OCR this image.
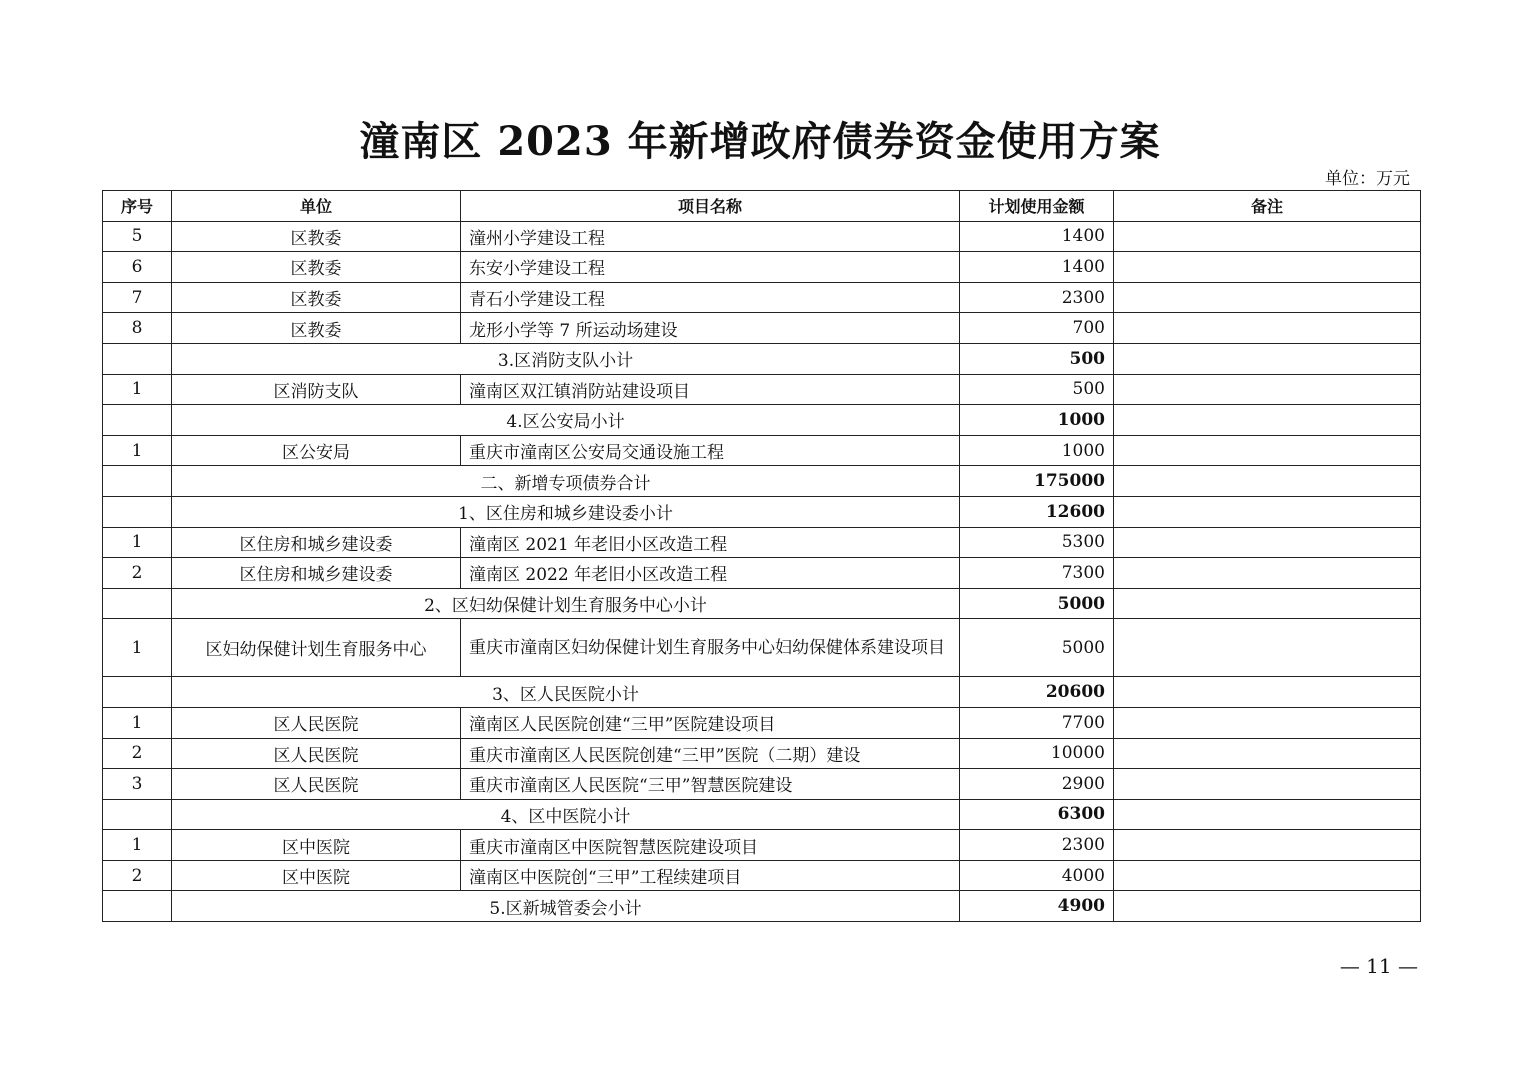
潼南区 2023 年新增政府债券资金使用方案
单位：万元
序号	单位	项目名称	计划使用金额	备注
5	区教委	潼州小学建设工程	1400	
6	区教委	东安小学建设工程	1400	
7	区教委	青石小学建设工程	2300	
8	区教委	龙形小学等 7 所运动场建设	700	
	3.区消防支队小计		500	
1	区消防支队	潼南区双江镇消防站建设项目	500	
	4.区公安局小计		1000	
1	区公安局	重庆市潼南区公安局交通设施工程	1000	
	二、新增专项债券合计		175000	
	1、区住房和城乡建设委小计		12600	
1	区住房和城乡建设委	潼南区 2021 年老旧小区改造工程	5300	
2	区住房和城乡建设委	潼南区 2022 年老旧小区改造工程	7300	
	2、区妇幼保健计划生育服务中心小计		5000	
1	区妇幼保健计划生育服务中心	重庆市潼南区妇幼保健计划生育服务中心妇幼保健体系建设项目	5000	
	3、区人民医院小计		20600	
1	区人民医院	潼南区人民医院创建“三甲”医院建设项目	7700	
2	区人民医院	重庆市潼南区人民医院创建“三甲”医院（二期）建设	10000	
3	区人民医院	重庆市潼南区人民医院“三甲”智慧医院建设	2900	
	4、区中医院小计		6300	
1	区中医院	重庆市潼南区中医院智慧医院建设项目	2300	
2	区中医院	潼南区中医院创“三甲”工程续建项目	4000	
	5.区新城管委会小计		4900	
— 11 —
